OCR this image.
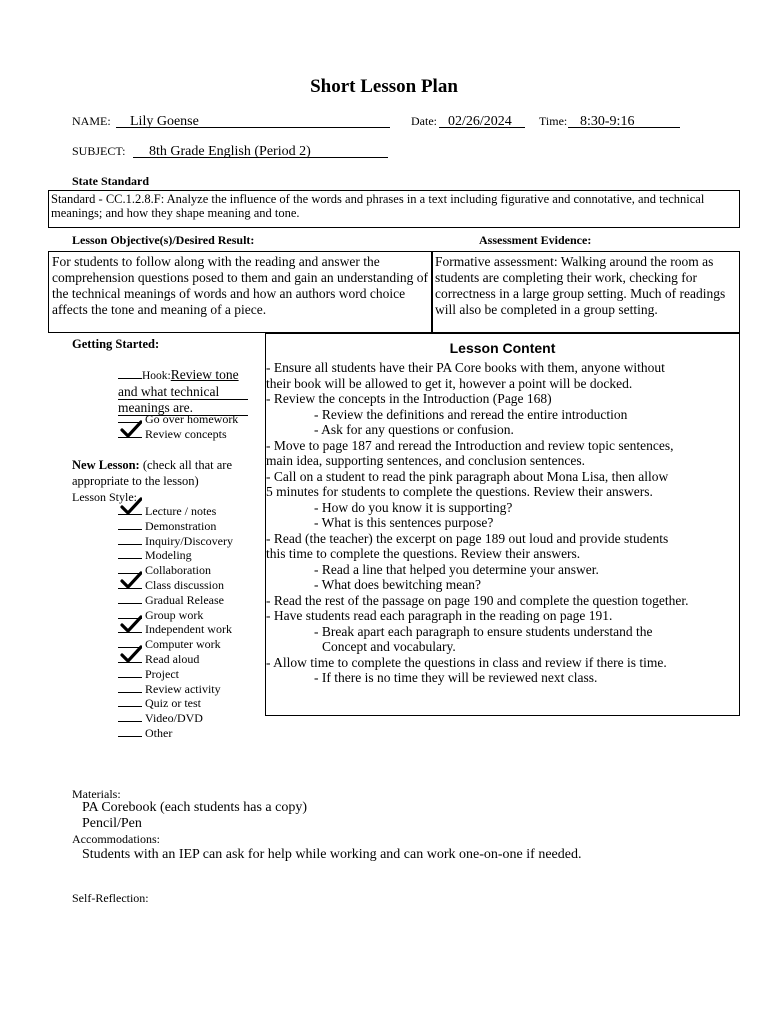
Short Lesson Plan
NAME:	Lily Goense	Date: 02/26/2024	Time: 8:30-9:16
SUBJECT:	8th Grade English (Period 2)
State Standard
Standard - CC.1.2.8.F: Analyze the influence of the words and phrases in a text including figurative and connotative, and technical meanings; and how they shape meaning and tone.
Lesson Objective(s)/Desired Result:	Assessment Evidence:
For students to follow along with the reading and answer the comprehension questions posed to them and gain an understanding of the technical meanings of words and how an authors word choice affects the tone and meaning of a piece.
Formative assessment: Walking around the room as students are completing their work, checking for correctness in a large group setting. Much of readings will also be completed in a group setting.
Getting Started:
Hook:Review tone
and what technical
meanings are.
Go over homework
Review concepts
New Lesson: (check all that are
appropriate to the lesson)
Lesson Style:
Lecture / notes
Demonstration
Inquiry/Discovery
Modeling
Collaboration
Class discussion
Gradual Release
Group work
Independent work
Computer work
Read aloud
Project
Review activity
Quiz or test
Video/DVD
Other
Lesson Content
- Ensure all students have their PA Core books with them, anyone without
their book will be allowed to get it, however a point will be docked.
- Review the concepts in the Introduction (Page 168)
- Review the definitions and reread the entire introduction
- Ask for any questions or confusion.
- Move to page 187 and reread the Introduction and review topic sentences,
main idea, supporting sentences, and conclusion sentences.
- Call on a student to read the pink paragraph about Mona Lisa, then allow
5 minutes for students to complete the questions. Review their answers.
- How do you know it is supporting?
- What is this sentences purpose?
- Read (the teacher) the excerpt on page 189 out loud and provide students
this time to complete the questions. Review their answers.
- Read a line that helped you determine your answer.
- What does bewitching mean?
- Read the rest of the passage on page 190 and complete the question together.
- Have students read each paragraph in the reading on page 191.
- Break apart each paragraph to ensure students understand the
Concept and vocabulary.
- Allow time to complete the questions in class and review if there is time.
- If there is no time they will be reviewed next class.
Materials:
PA Corebook (each students has a copy)
Pencil/Pen
Accommodations:
Students with an IEP can ask for help while working and can work one-on-one if needed.
Self-Reflection:
